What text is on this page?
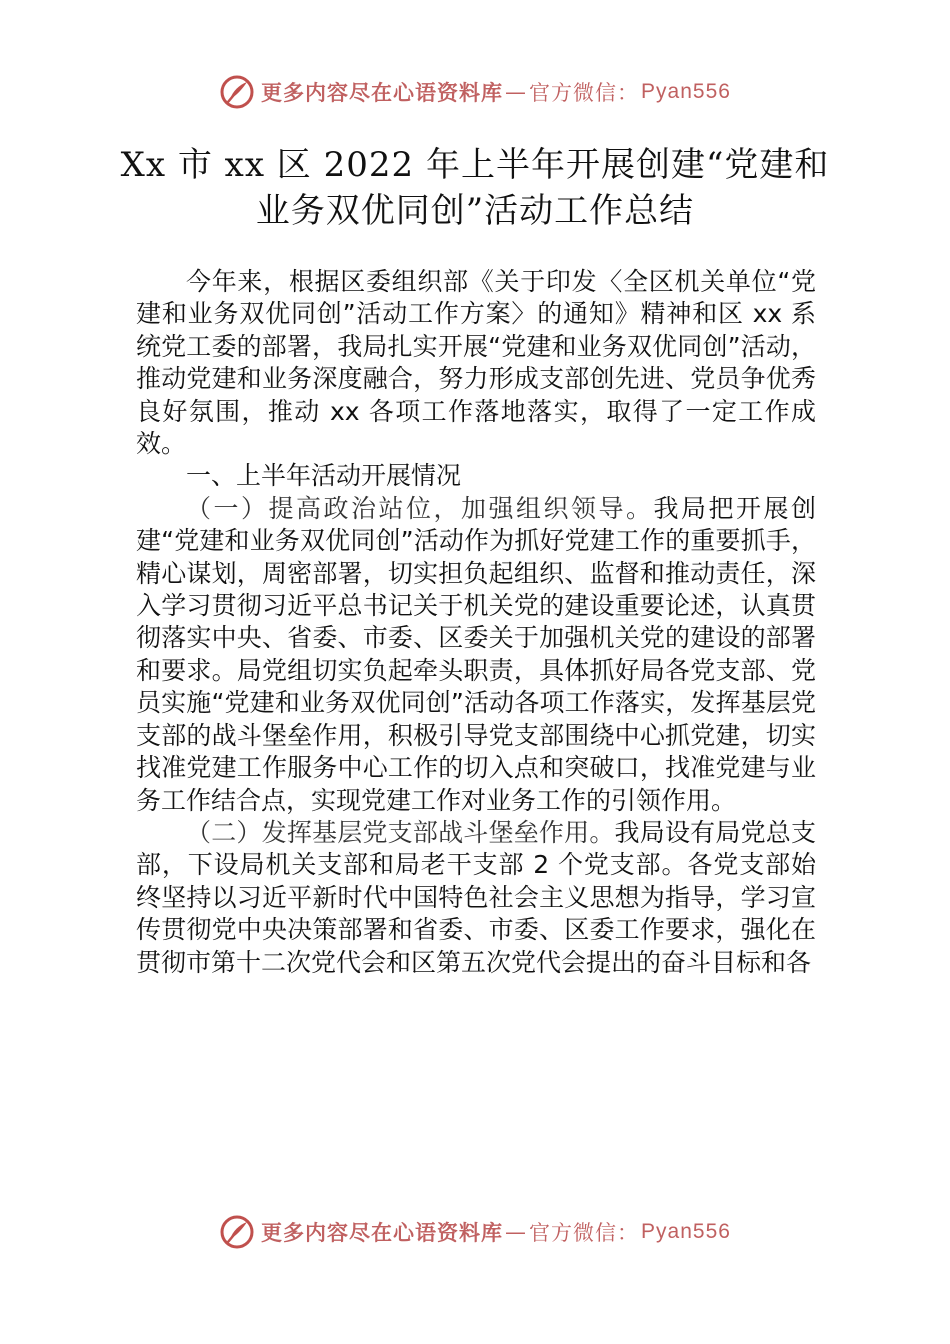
更多内容尽在心语资料库 — 官方微信： Pyan556
Xx 市 xx 区 2022 年上半年开展创建“党建和
业务双优同创”活动工作总结

今年来，根据区委组织部《关于印发〈全区机关单位“党建和业务双优同创”活动工作方案〉的通知》精神和区 xx 系统党工委的部署，我局扎实开展“党建和业务双优同创”活动，推动党建和业务深度融合，努力形成支部创先进、党员争优秀良好氛围，推动 xx 各项工作落地落实，取得了一定工作成效。

一、上半年活动开展情况

（一）提高政治站位，加强组织领导。我局把开展创建“党建和业务双优同创”活动作为抓好党建工作的重要抓手，精心谋划，周密部署，切实担负起组织、监督和推动责任，深入学习贯彻习近平总书记关于机关党的建设重要论述，认真贯彻落实中央、省委、市委、区委关于加强机关党的建设的部署和要求。局党组切实负起牵头职责，具体抓好局各党支部、党员实施“党建和业务双优同创”活动各项工作落实，发挥基层党支部的战斗堡垒作用，积极引导党支部围绕中心抓党建，切实找准党建工作服务中心工作的切入点和突破口，找准党建与业务工作结合点，实现党建工作对业务工作的引领作用。

（二）发挥基层党支部战斗堡垒作用。我局设有局党总支部，下设局机关支部和局老干支部 2 个党支部。各党支部始终坚持以习近平新时代中国特色社会主义思想为指导，学习宣传贯彻党中央决策部署和省委、市委、区委工作要求，强化在贯彻市第十二次党代会和区第五次党代会提出的奋斗目标和各

更多内容尽在心语资料库 — 官方微信： Pyan556
